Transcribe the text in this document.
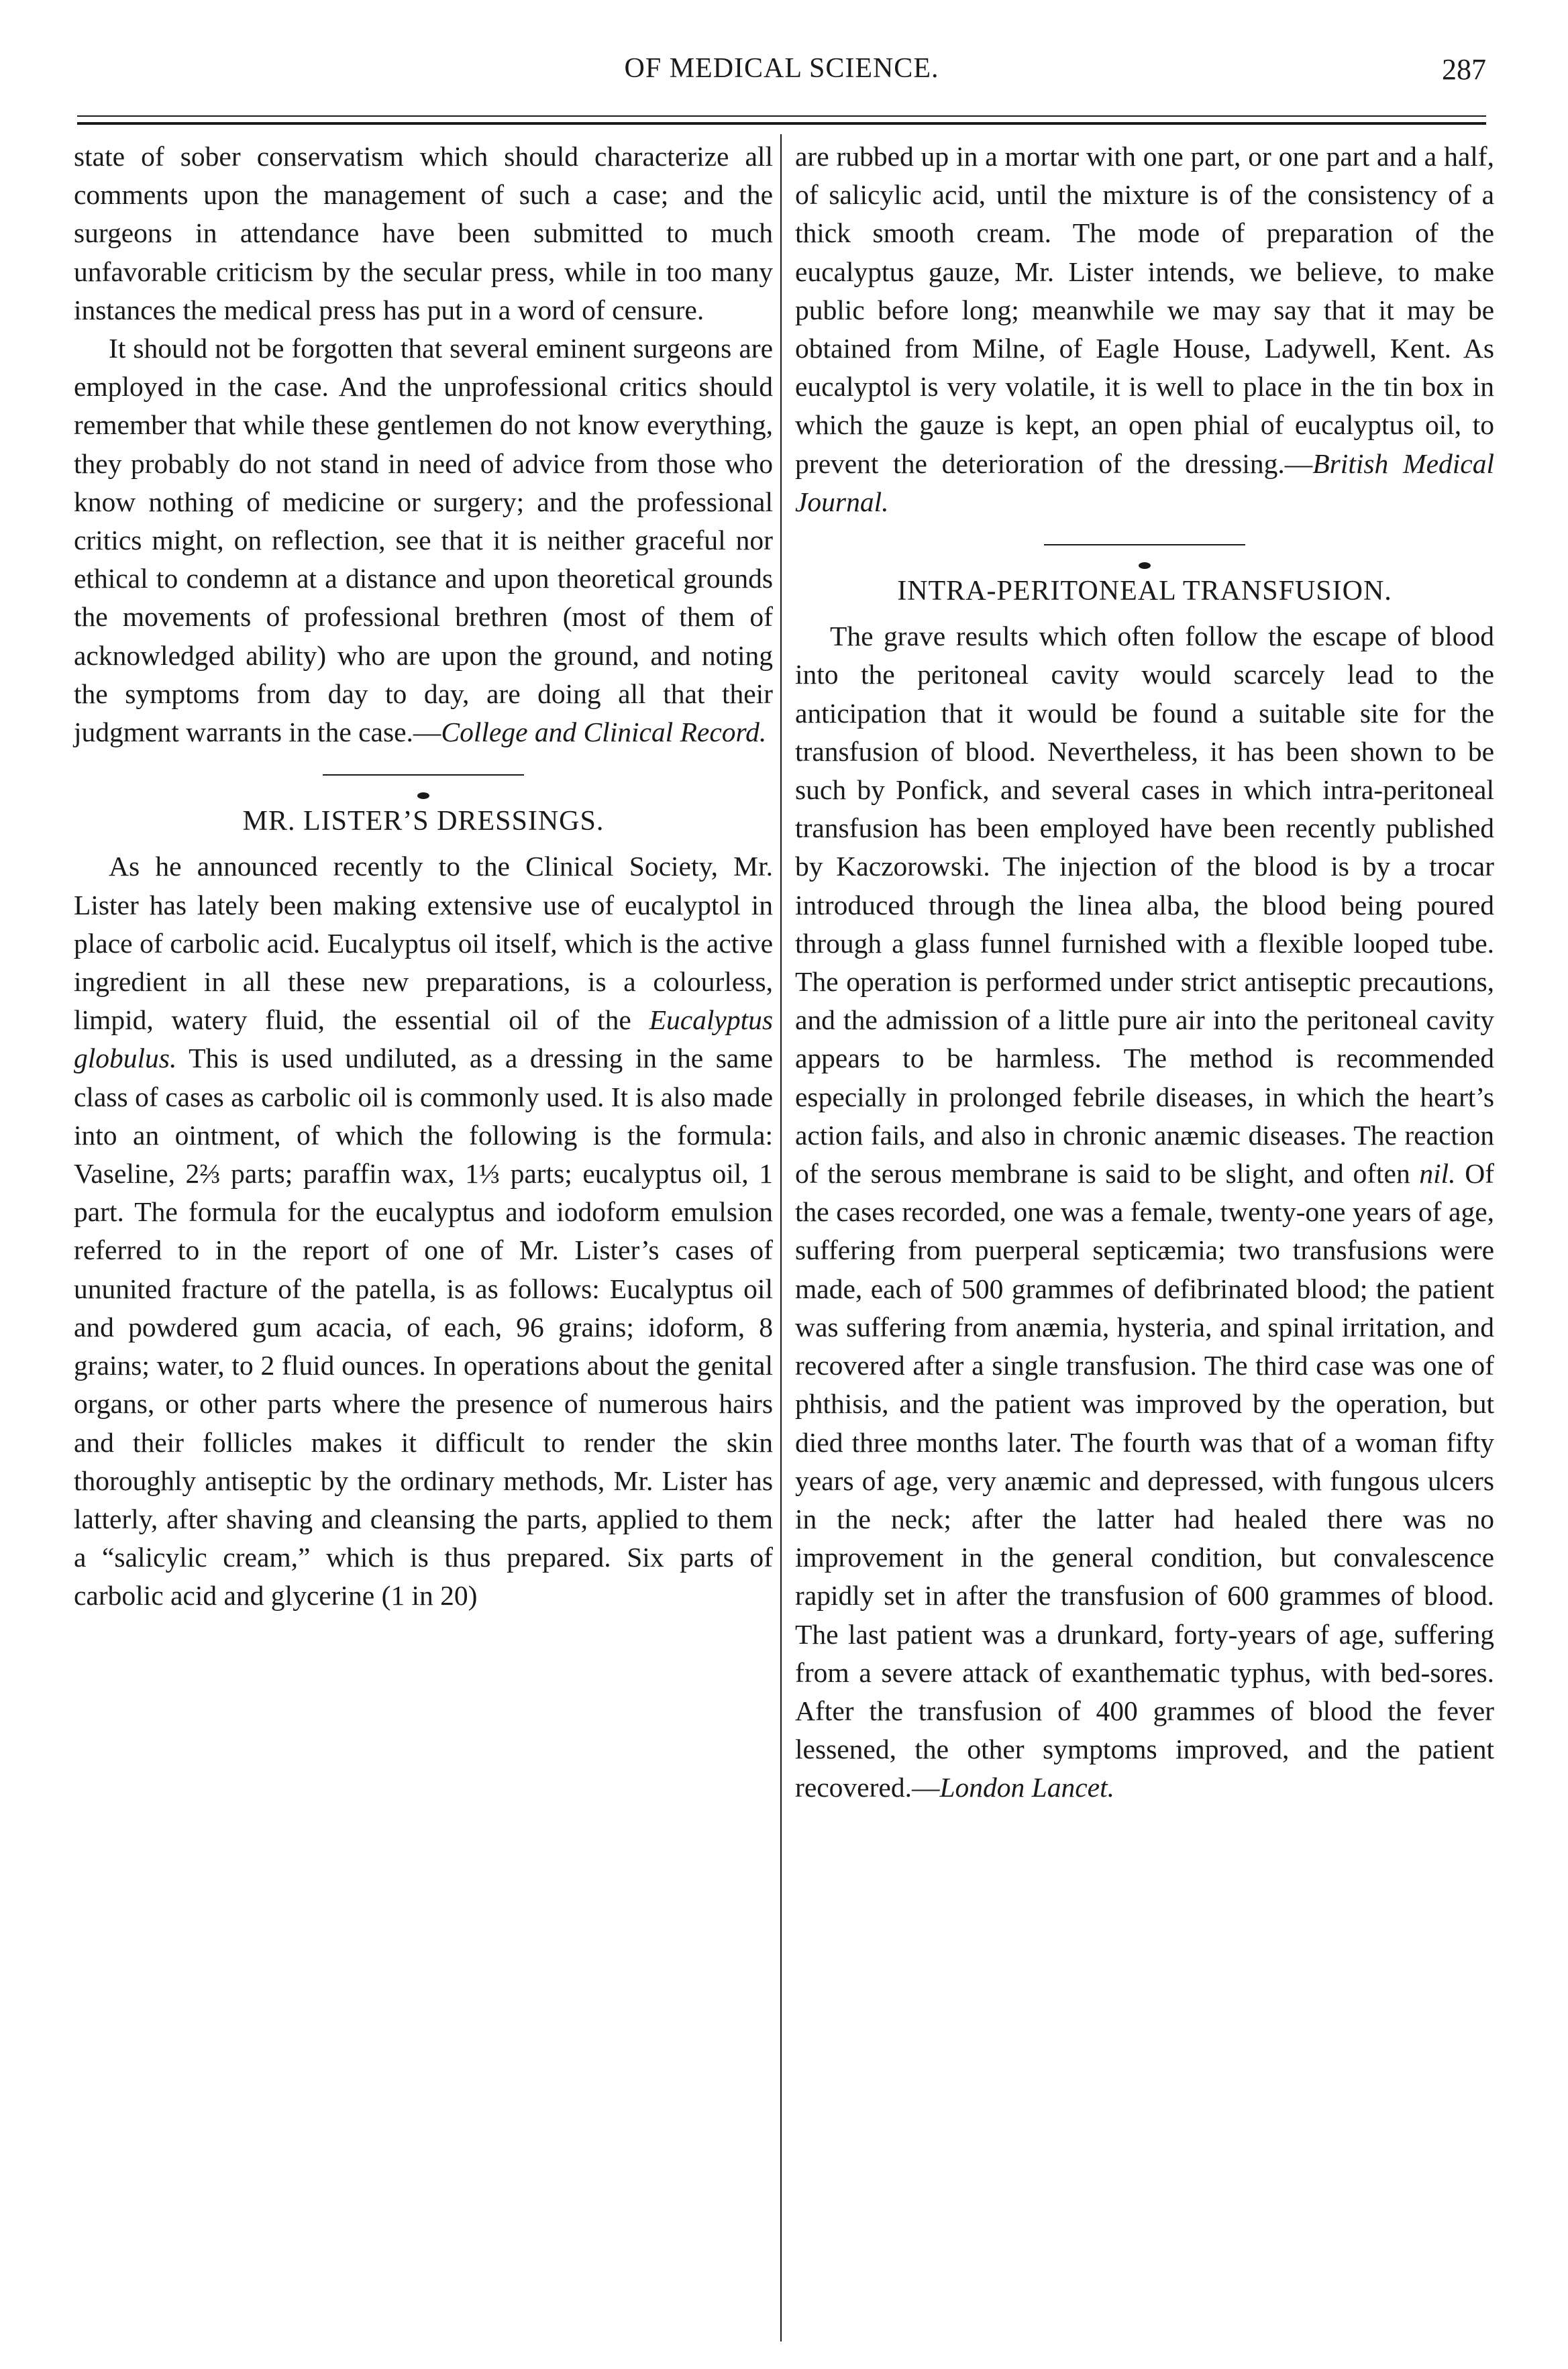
OF MEDICAL SCIENCE.	287

state of sober conservatism which should characterize all comments upon the management of such a case; and the surgeons in attendance have been submitted to much unfavorable criticism by the secular press, while in too many instances the medical press has put in a word of censure.

It should not be forgotten that several eminent surgeons are employed in the case. And the unprofessional critics should remember that while these gentlemen do not know everything, they probably do not stand in need of advice from those who know nothing of medicine or surgery; and the professional critics might, on reflection, see that it is neither graceful nor ethical to condemn at a distance and upon theoretical grounds the movements of professional brethren (most of them of acknowledged ability) who are upon the ground, and noting the symptoms from day to day, are doing all that their judgment warrants in the case.—College and Clinical Record.

MR. LISTER’S DRESSINGS.

As he announced recently to the Clinical Society, Mr. Lister has lately been making extensive use of eucalyptol in place of carbolic acid. Eucalyptus oil itself, which is the active ingredient in all these new preparations, is a colourless, limpid, watery fluid, the essential oil of the Eucalyptus globulus. This is used undiluted, as a dressing in the same class of cases as carbolic oil is commonly used. It is also made into an ointment, of which the following is the formula: Vaseline, 2⅔ parts; paraffin wax, 1⅓ parts; eucalyptus oil, 1 part. The formula for the eucalyptus and iodoform emulsion referred to in the report of one of Mr. Lister’s cases of ununited fracture of the patella, is as follows: Eucalyptus oil and powdered gum acacia, of each, 96 grains; idoform, 8 grains; water, to 2 fluid ounces. In operations about the genital organs, or other parts where the presence of numerous hairs and their follicles makes it difficult to render the skin thoroughly antiseptic by the ordinary methods, Mr. Lister has latterly, after shaving and cleansing the parts, applied to them a “salicylic cream,” which is thus prepared. Six parts of carbolic acid and glycerine (1 in 20)

are rubbed up in a mortar with one part, or one part and a half, of salicylic acid, until the mixture is of the consistency of a thick smooth cream. The mode of preparation of the eucalyptus gauze, Mr. Lister intends, we believe, to make public before long; meanwhile we may say that it may be obtained from Milne, of Eagle House, Ladywell, Kent. As eucalyptol is very volatile, it is well to place in the tin box in which the gauze is kept, an open phial of eucalyptus oil, to prevent the deterioration of the dressing.—British Medical Journal.

INTRA-PERITONEAL TRANSFUSION.

The grave results which often follow the escape of blood into the peritoneal cavity would scarcely lead to the anticipation that it would be found a suitable site for the transfusion of blood. Nevertheless, it has been shown to be such by Ponfick, and several cases in which intra-peritoneal transfusion has been employed have been recently published by Kaczorowski. The injection of the blood is by a trocar introduced through the linea alba, the blood being poured through a glass funnel furnished with a flexible looped tube. The operation is performed under strict antiseptic precautions, and the admission of a little pure air into the peritoneal cavity appears to be harmless. The method is recommended especially in prolonged febrile diseases, in which the heart’s action fails, and also in chronic anæmic diseases. The reaction of the serous membrane is said to be slight, and often nil. Of the cases recorded, one was a female, twenty-one years of age, suffering from puerperal septicæmia; two transfusions were made, each of 500 grammes of defibrinated blood; the patient was suffering from anæmia, hysteria, and spinal irritation, and recovered after a single transfusion. The third case was one of phthisis, and the patient was improved by the operation, but died three months later. The fourth was that of a woman fifty years of age, very anæmic and depressed, with fungous ulcers in the neck; after the latter had healed there was no improvement in the general condition, but convalescence rapidly set in after the transfusion of 600 grammes of blood. The last patient was a drunkard, forty-years of age, suffering from a severe attack of exanthematic typhus, with bed-sores. After the transfusion of 400 grammes of blood the fever lessened, the other symptoms improved, and the patient recovered.—London Lancet.
